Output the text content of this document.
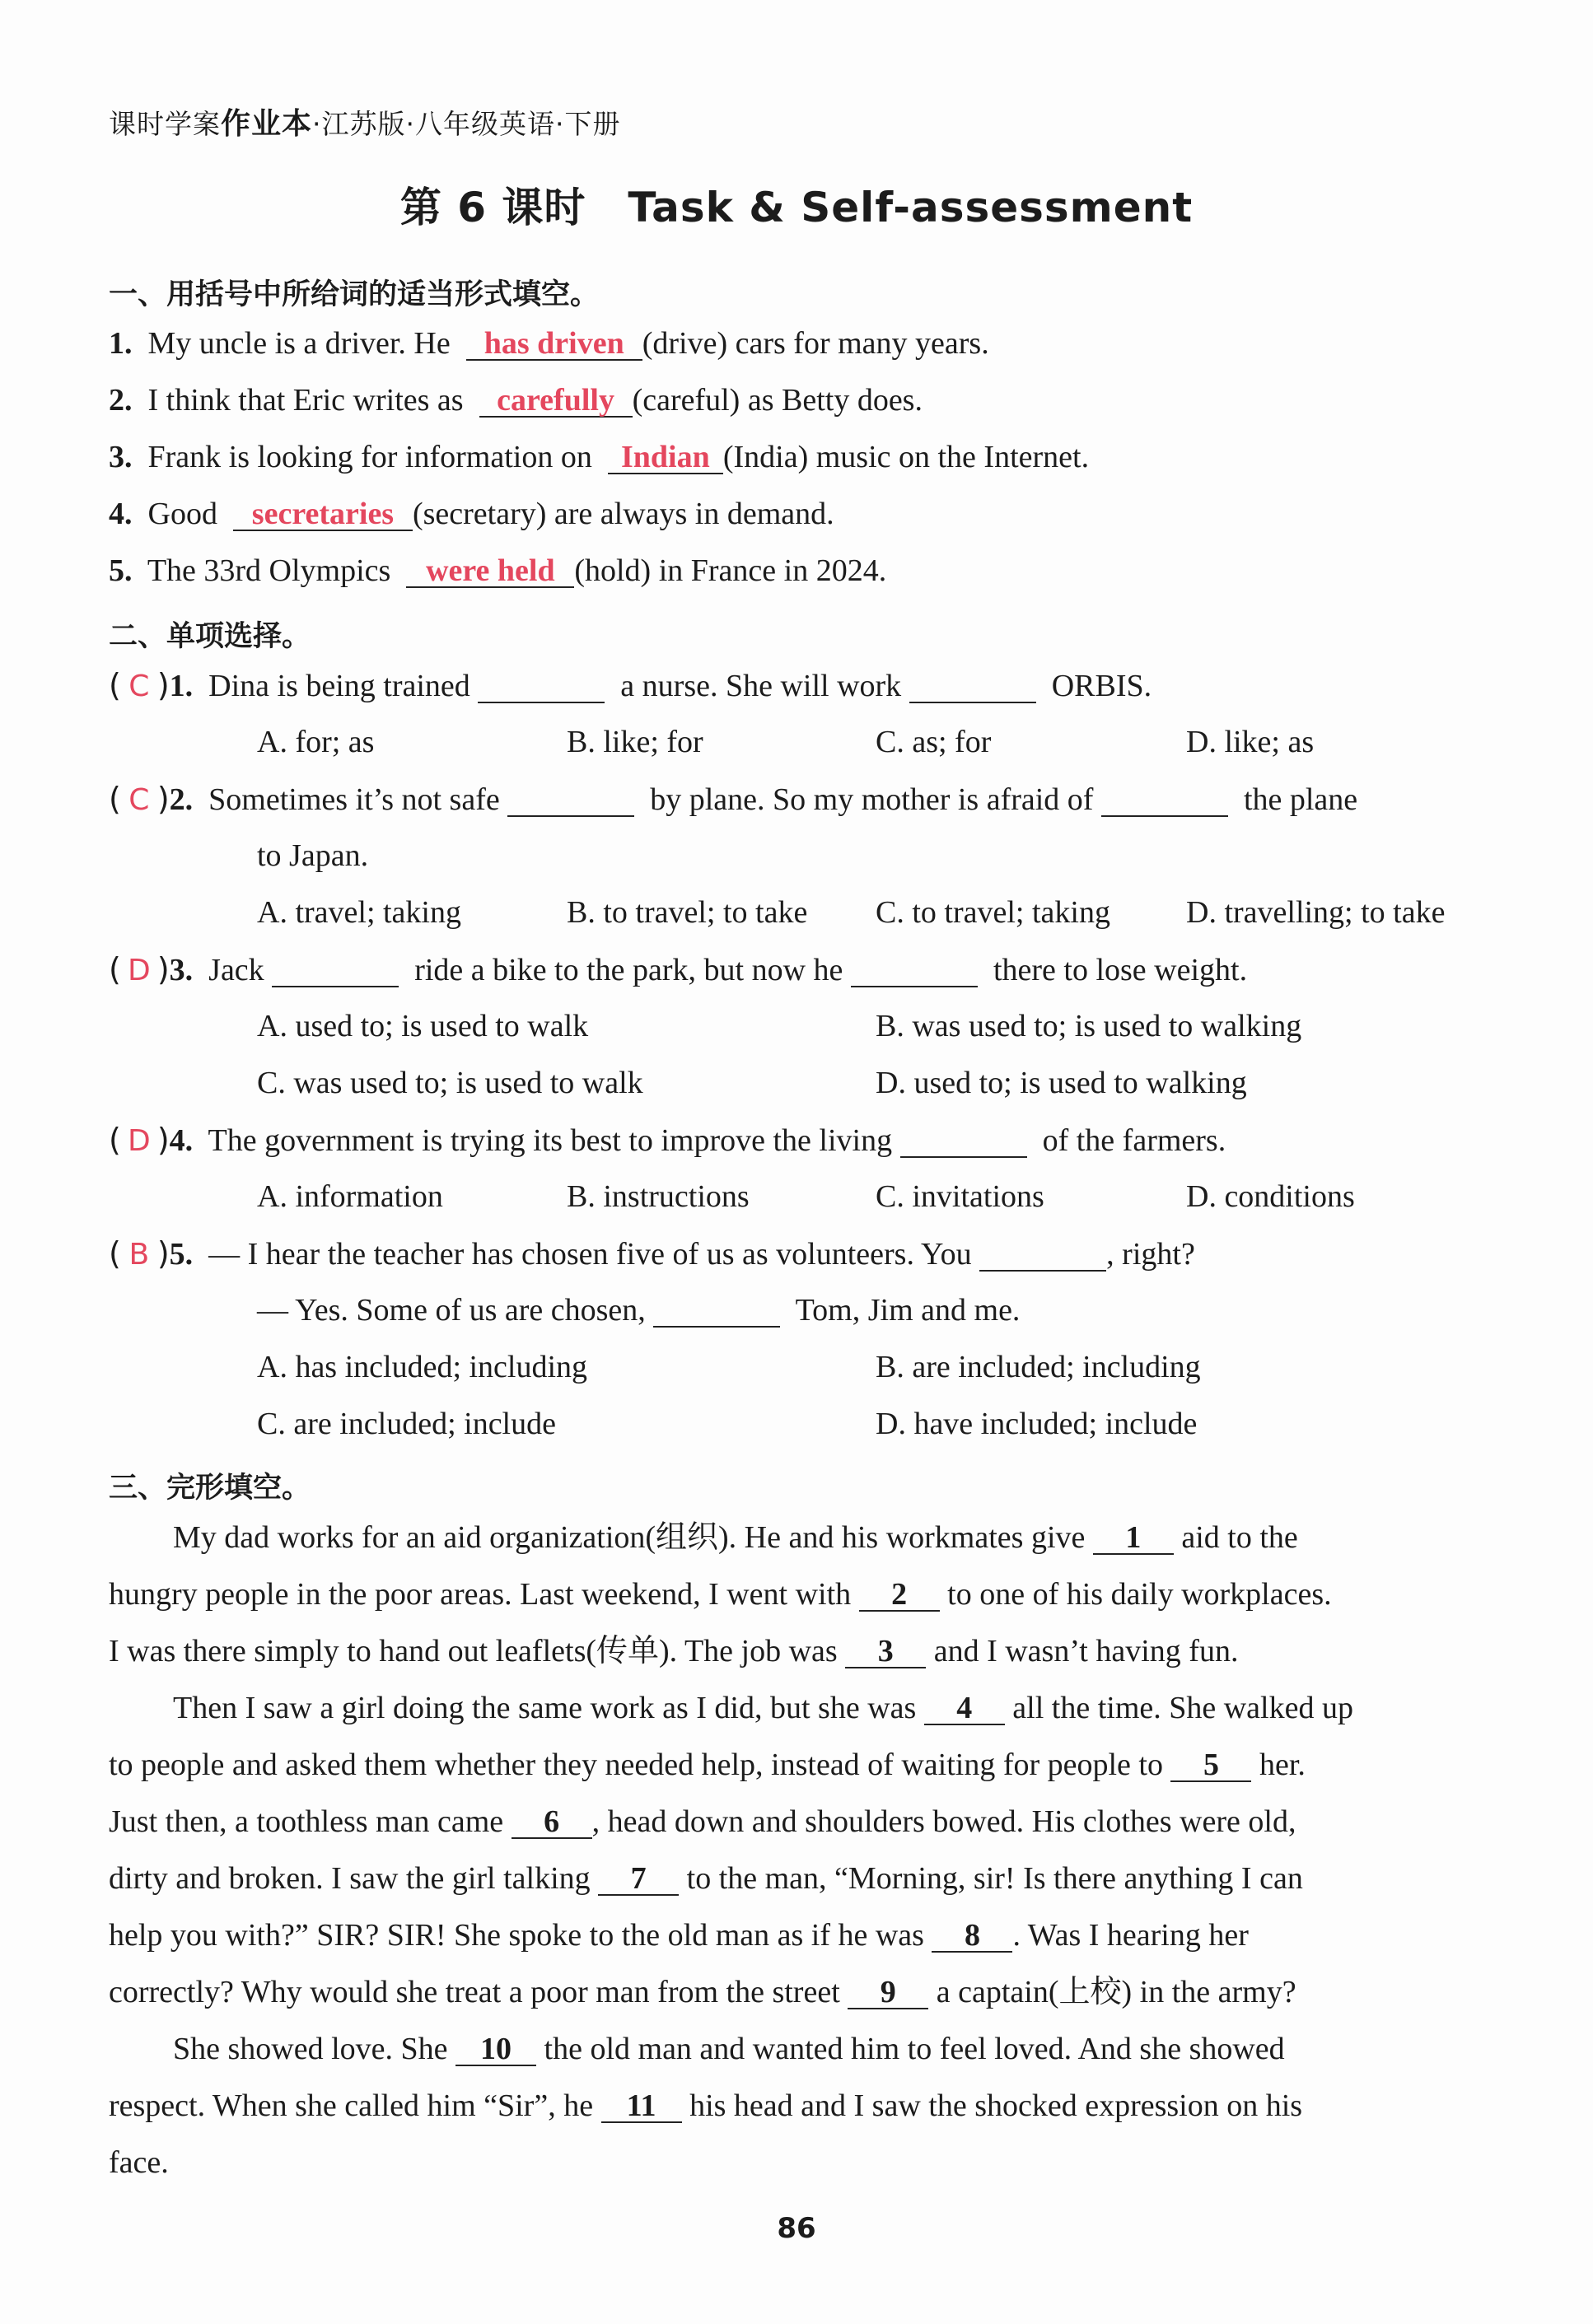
课时学案作业本·江苏版·八年级英语·下册
第 6 课时　Task & Self-assessment
一、用括号中所给词的适当形式填空。
1. My uncle is a driver. He has driven (drive) cars for many years.
2. I think that Eric writes as carefully (careful) as Betty does.
3. Frank is looking for information on Indian (India) music on the Internet.
4. Good secretaries (secretary) are always in demand.
5. The 33rd Olympics were held (hold) in France in 2024.
二、单项选择。
( C )1. Dina is being trained	a nurse. She will work	ORBIS.
A. for; as	B. like; for	C. as; for	D. like; as
( C )2. Sometimes it’s not safe	by plane. So my mother is afraid of	the plane
to Japan.
A. travel; taking	B. to travel; to take C. to travel; taking D. travelling; to take
( D )3. Jack	ride a bike to the park, but now he	there to lose weight.
A. used to; is used to walk	B. was used to; is used to walking
C. was used to; is used to walk	D. used to; is used to walking
( D )4. The government is trying its best to improve the living	of the farmers.
A. information	B. instructions	C. invitations	D. conditions
( B )5. — I hear the teacher has chosen five of us as volunteers. You	, right?
— Yes. Some of us are chosen,	Tom, Jim and me.
A. has included; including	B. are included; including
C. are included; include	D. have included; include
三、完形填空。
My dad works for an aid organization(组织). He and his workmates give 1 aid to the
hungry people in the poor areas. Last weekend, I went with 2 to one of his daily workplaces.
I was there simply to hand out leaflets(传单). The job was 3 and I wasn’t having fun.
Then I saw a girl doing the same work as I did, but she was 4 all the time. She walked up
to people and asked them whether they needed help, instead of waiting for people to 5 her.
Just then, a toothless man came 6 , head down and shoulders bowed. His clothes were old,
dirty and broken. I saw the girl talking 7 to the man, “Morning, sir! Is there anything I can
help you with?” SIR? SIR! She spoke to the old man as if he was 8 . Was I hearing her
correctly? Why would she treat a poor man from the street 9 a captain(上校) in the army?
She showed love. She 10 the old man and wanted him to feel loved. And she showed
respect. When she called him “Sir”, he 11 his head and I saw the shocked expression on his
face.
86
